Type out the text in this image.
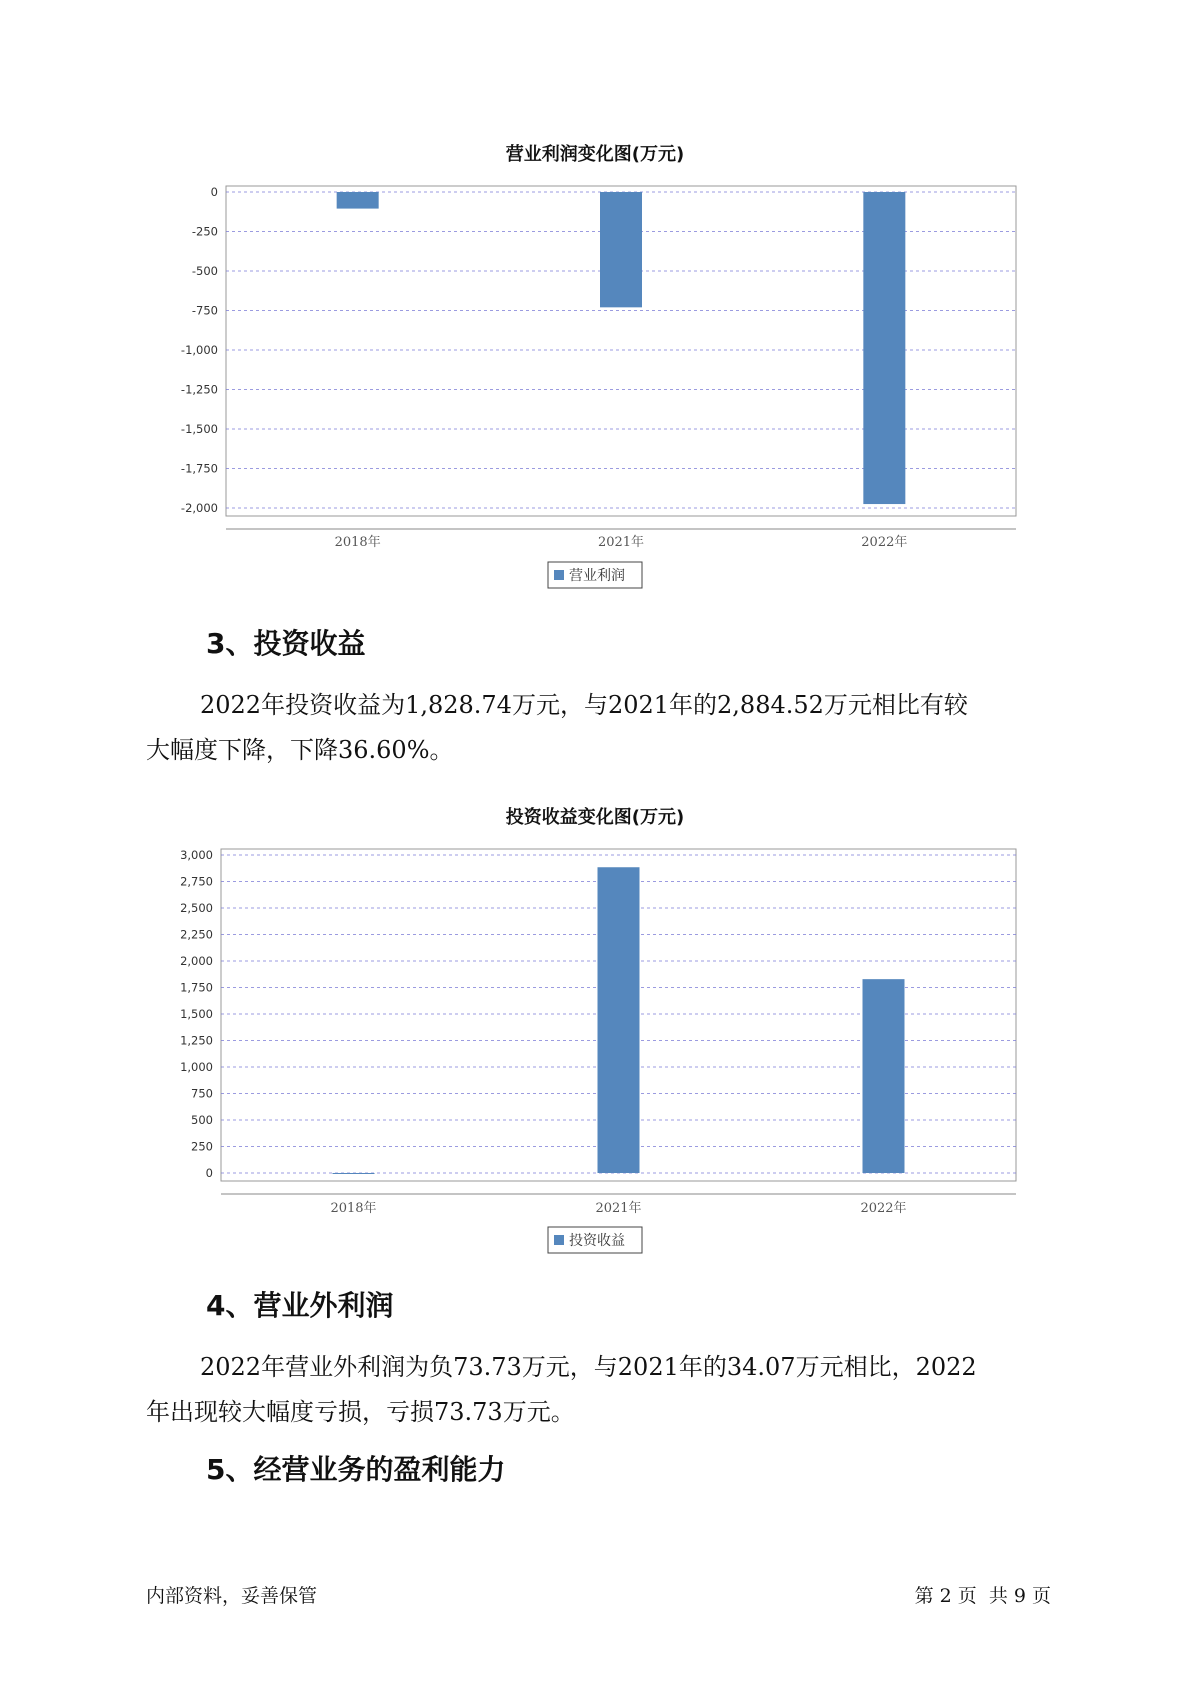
营业利润变化图(万元)
0
-250
-500
-750
-1,000
-1,250
-1,500
-1,750
-2,000
2018年	2021年	2022年
营业利润
3、投资收益

2022年投资收益为1,828.74万元，与2021年的2,884.52万元相比有较
大幅度下降，下降36.60%。

投资收益变化图(万元)
3,000
2,750
2,500
2,250
2,000
1,750
1,500
1,250
1,000
750
500
250
0
2018年	2021年	2022年
投资收益
4、营业外利润

2022年营业外利润为负73.73万元，与2021年的34.07万元相比，2022
年出现较大幅度亏损，亏损73.73万元。

5、经营业务的盈利能力
内部资料，妥善保管	第 2 页  共 9 页
